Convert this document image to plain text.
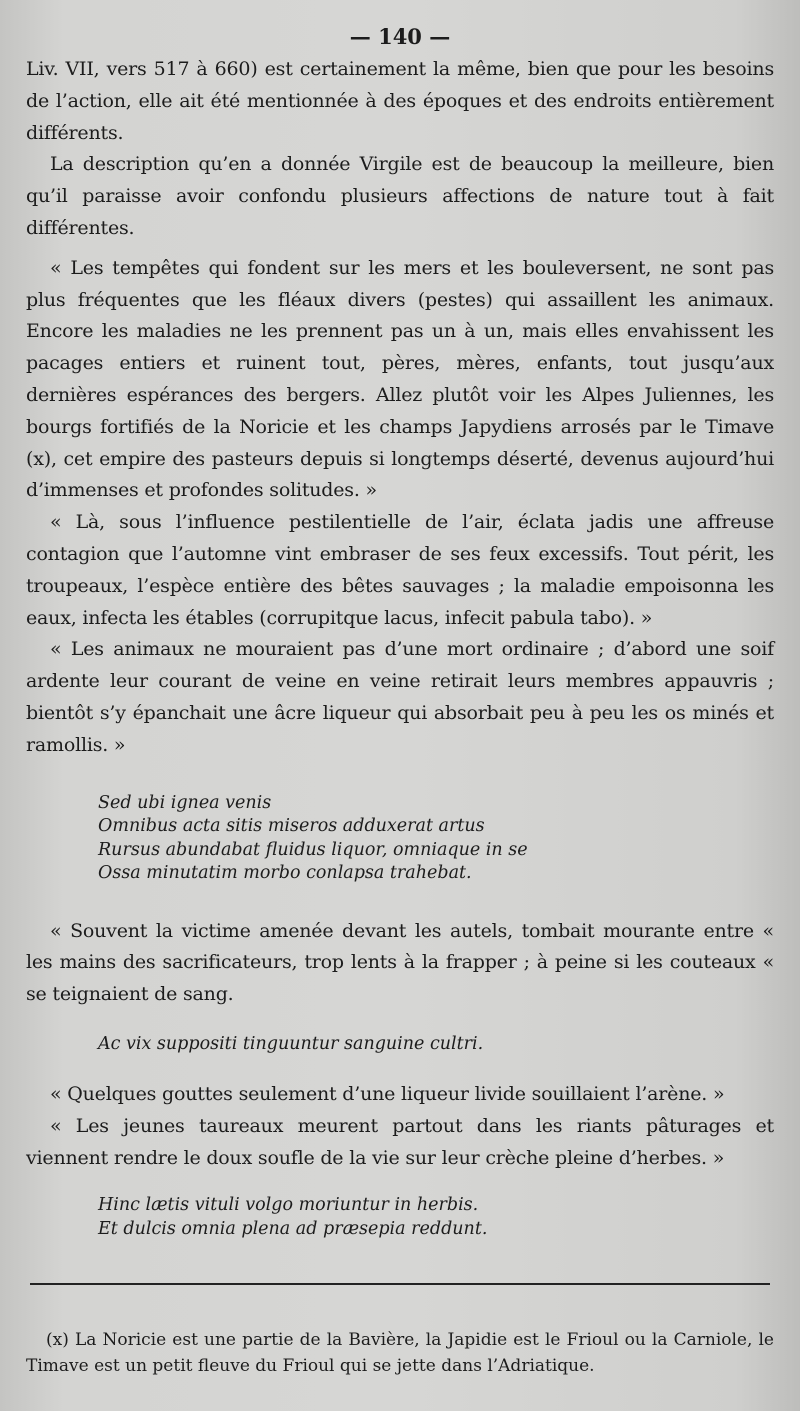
— 140 —

Liv. VII, vers 517 à 660) est certainement la même, bien que pour les besoins de l’action, elle ait été mentionnée à des époques et des endroits entièrement différents.

La description qu’en a donnée Virgile est de beaucoup la meilleure, bien qu’il paraisse avoir confondu plusieurs affections de nature tout à fait différentes.

« Les tempêtes qui fondent sur les mers et les bouleversent, ne sont pas plus fréquentes que les fléaux divers (pestes) qui assaillent les animaux. Encore les maladies ne les prennent pas un à un, mais elles envahissent les pacages entiers et ruinent tout, pères, mères, enfants, tout jusqu’aux dernières espérances des bergers. Allez plutôt voir les Alpes Juliennes, les bourgs fortifiés de la Noricie et les champs Japydiens arrosés par le Timave (x), cet empire des pasteurs depuis si longtemps déserté, devenus aujourd’hui d’immenses et profondes solitudes. »

« Là, sous l’influence pestilentielle de l’air, éclata jadis une affreuse contagion que l’automne vint embraser de ses feux excessifs. Tout périt, les troupeaux, l’espèce entière des bêtes sauvages ; la maladie empoisonna les eaux, infecta les étables (corrupitque lacus, infecit pabula tabo). »

« Les animaux ne mouraient pas d’une mort ordinaire ; d’abord une soif ardente leur courant de veine en veine retirait leurs membres appauvris ; bientôt s’y épanchait une âcre liqueur qui absorbait peu à peu les os minés et ramollis. »

Sed ubi ignea venis
Omnibus acta sitis miseros adduxerat artus
Rursus abundabat fluidus liquor, omniaque in se
Ossa minutatim morbo conlapsa trahebat.

« Souvent la victime amenée devant les autels, tombait mourante entre « les mains des sacrificateurs, trop lents à la frapper ; à peine si les couteaux « se teignaient de sang.

Ac vix suppositi tinguuntur sanguine cultri.

« Quelques gouttes seulement d’une liqueur livide souillaient l’arène. »

« Les jeunes taureaux meurent partout dans les riants pâturages et viennent rendre le doux soufle de la vie sur leur crèche pleine d’herbes. »

Hinc lætis vituli volgo moriuntur in herbis.
Et dulcis omnia plena ad præsepia reddunt.

(x) La Noricie est une partie de la Bavière, la Japidie est le Frioul ou la Carniole, le Timave est un petit fleuve du Frioul qui se jette dans l’Adriatique.
